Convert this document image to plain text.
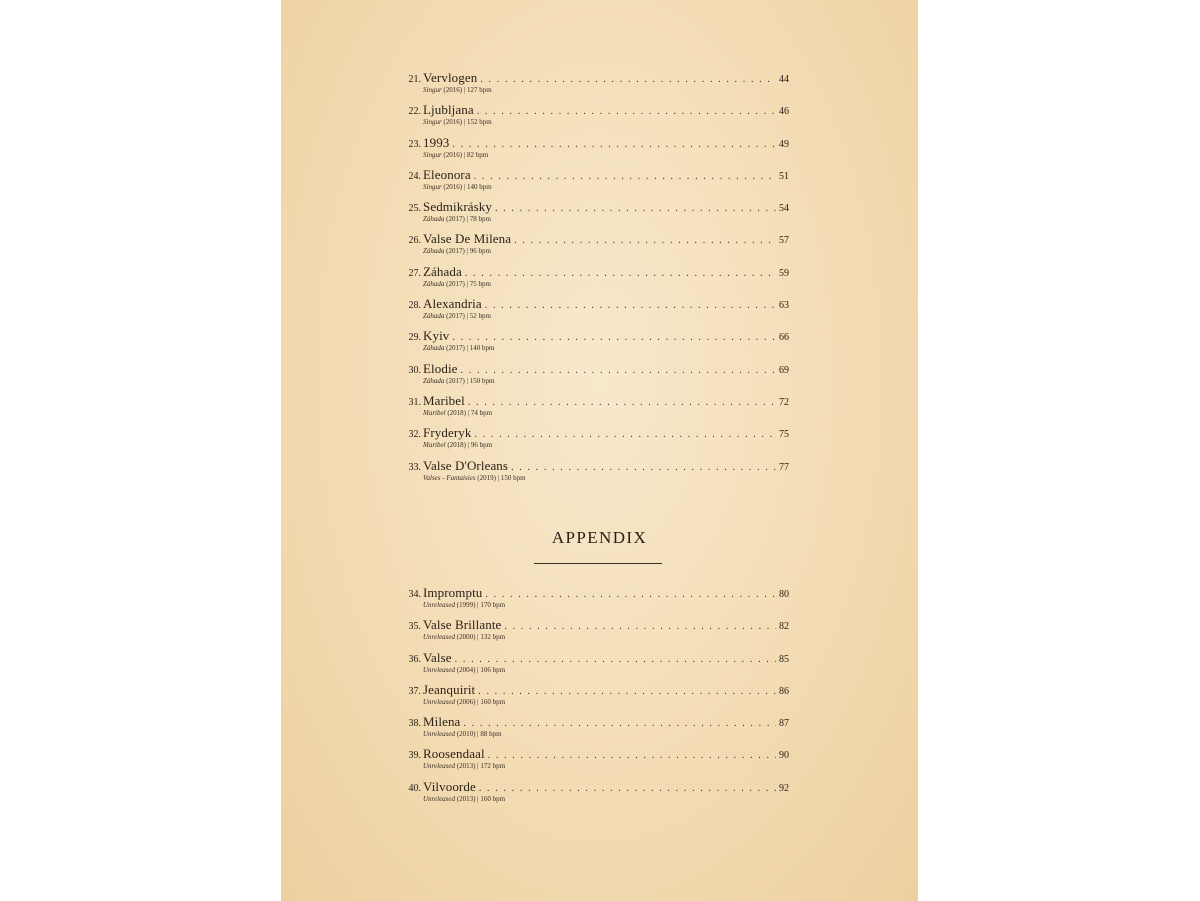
21. Vervlogen . . .	44
Singur (2016) | 127 bpm
22. Ljubljana . . .	46
Singur (2016) | 152 bpm
23. 1993 . . .	49
Singur (2016) | 82 bpm
24. Eleonora . . .	51
Singur (2016) | 140 bpm
25. Sedmikrásky . . .	54
Záhada (2017) | 78 bpm
26. Valse De Milena . . .	57
Záhada (2017) | 96 bpm
27. Záhada . . .	59
Záhada (2017) | 75 bpm
28. Alexandria . . .	63
Záhada (2017) | 52 bpm
29. Kyiv . . .	66
Záhada (2017) | 140 bpm
30. Elodie . . .	69
Záhada (2017) | 150 bpm
31. Maribel . . .	72
Maribel (2018) | 74 bpm
32. Fryderyk . . .	75
Maribel (2018) | 96 bpm
33. Valse D'Orleans . . .	77
Valses - Fantaisies (2019) | 150 bpm
APPENDIX
34. Impromptu . . .	80
Unreleased (1999) | 170 bpm
35. Valse Brillante . . .	82
Unreleased (2000) | 132 bpm
36. Valse . . .	85
Unreleased (2004) | 106 bpm
37. Jeanquirit . . .	86
Unreleased (2006) | 160 bpm
38. Milena . . .	87
Unreleased (2010) | 88 bpm
39. Roosendaal . . .	90
Unreleased (2013) | 172 bpm
40. Vilvoorde . . .	92
Unreleased (2013) | 160 bpm
